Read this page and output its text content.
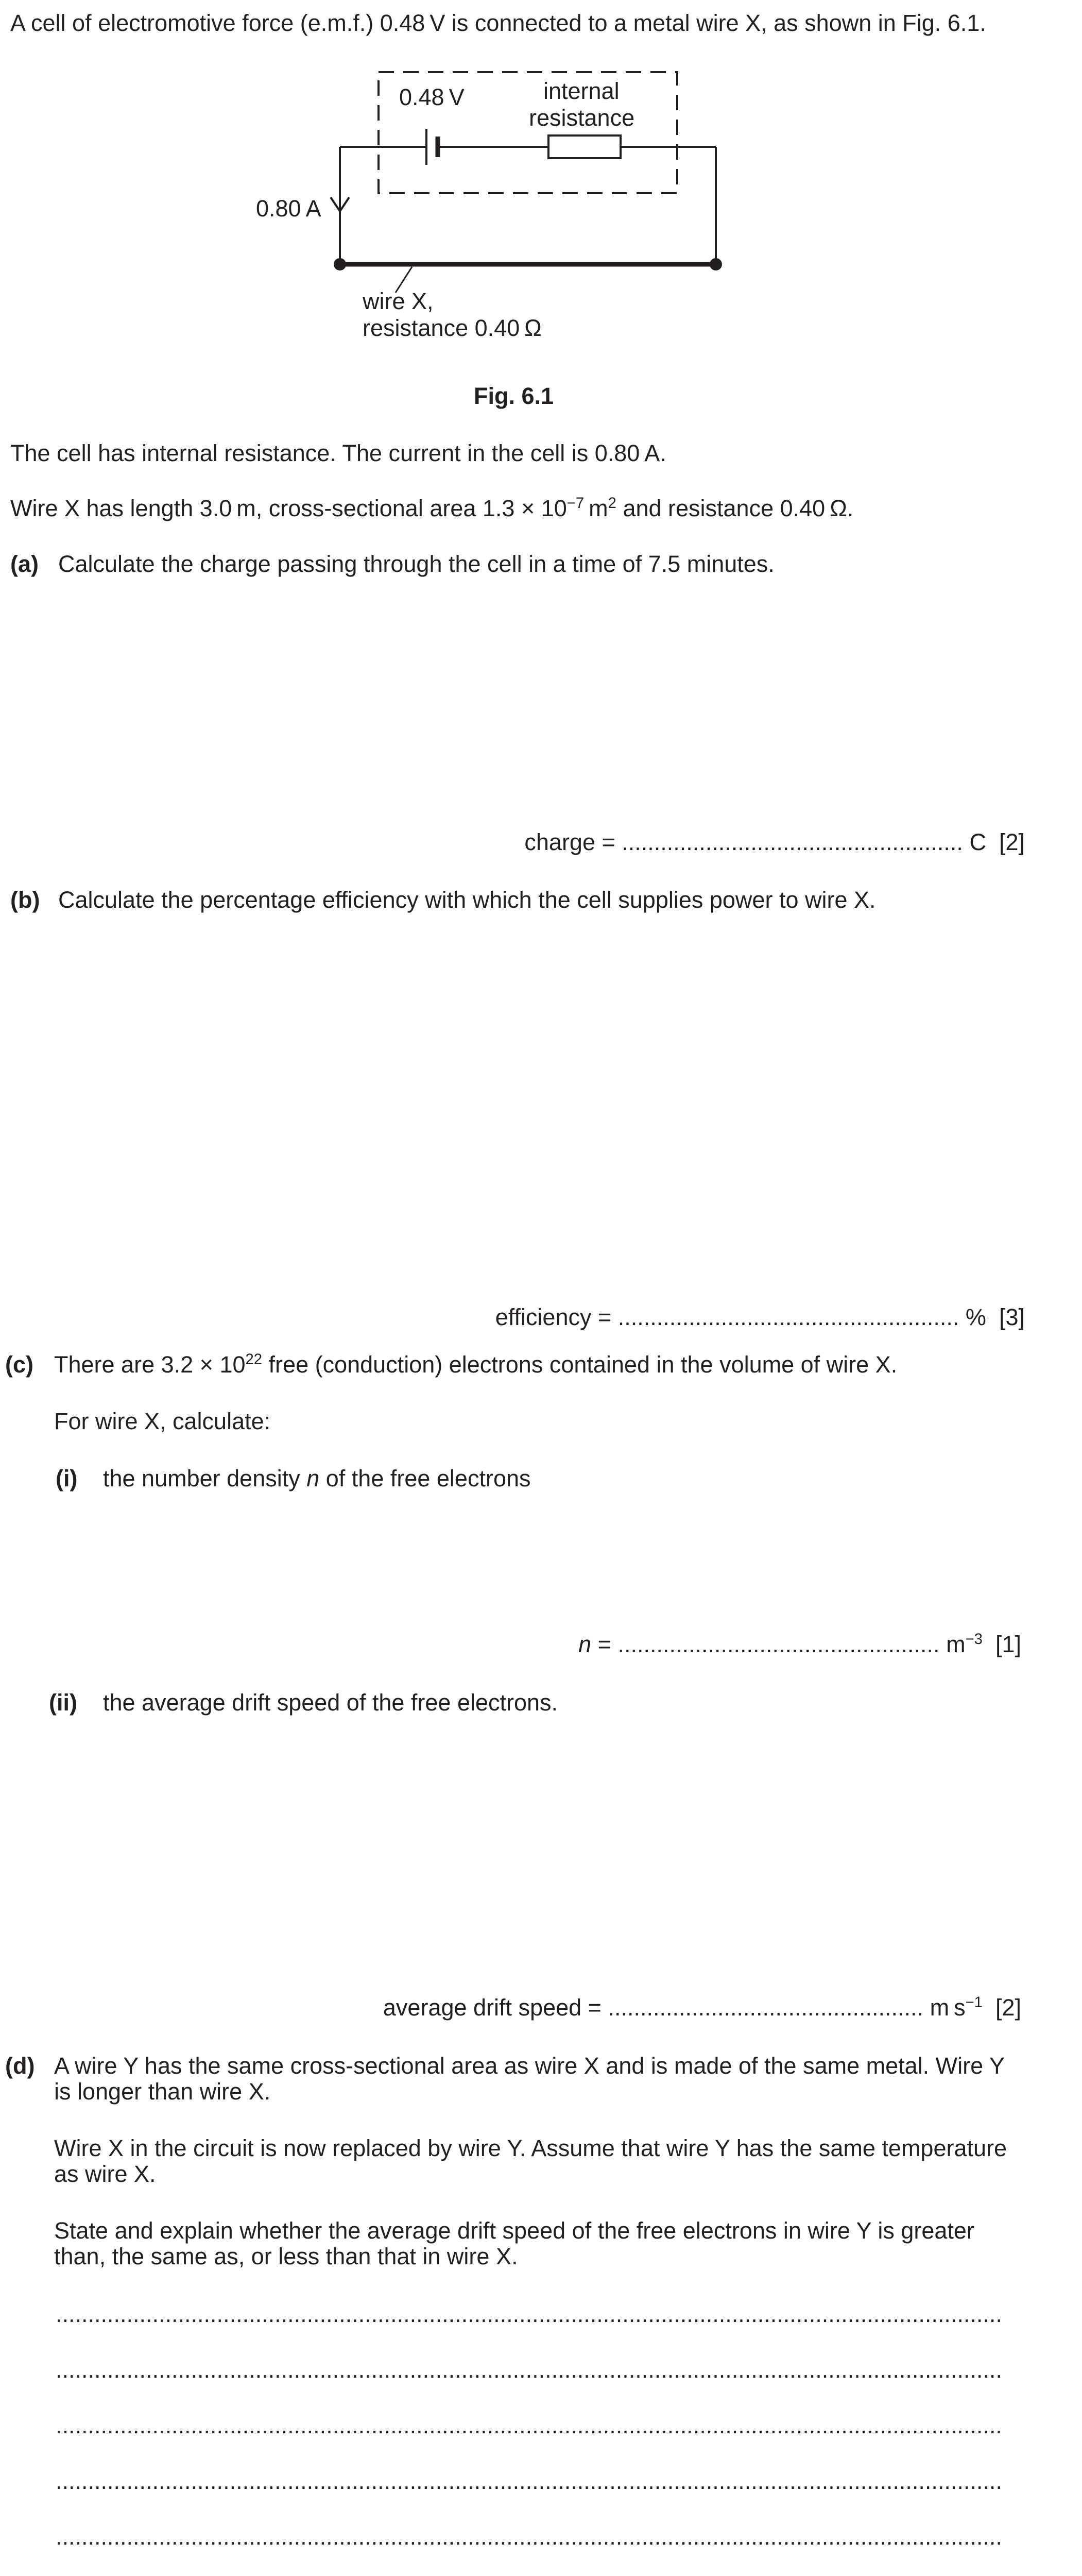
A cell of electromotive force (e.m.f.) 0.48 V is connected to a metal wire X, as shown in Fig. 6.1.
0.48 V	internal
resistance
0.80 A
wire X,
resistance 0.40 Ω
Fig. 6.1
The cell has internal resistance. The current in the cell is 0.80 A.
Wire X has length 3.0 m, cross-sectional area $1.3 \times 10^{-7}$ $m^2$ and resistance 0.40 Ω.
(a) Calculate the charge passing through the cell in a time of 7.5 minutes.
charge = ..................................................... C [2]
(b) Calculate the percentage efficiency with which the cell supplies power to wire X.
efficiency = ..................................................... % [3]
(c) There are $3.2 \times 10^{22}$ free (conduction) electrons contained in the volume of wire X.
For wire X, calculate:
(i) the number density n of the free electrons
n = .................................................. $m^{-3}$ [1]
(ii) the average drift speed of the free electrons.
average drift speed = ................................................. m $s^{-1}$ [2]
(d) A wire Y has the same cross-sectional area as wire X and is made of the same metal. Wire Y
is longer than wire X.
Wire X in the circuit is now replaced by wire Y. Assume that wire Y has the same temperature
as wire X.
State and explain whether the average drift speed of the free electrons in wire Y is greater
than, the same as, or less than that in wire X.
...................................................................................................................................................
...................................................................................................................................................
...................................................................................................................................................
...................................................................................................................................................
...................................................................................................................................................
